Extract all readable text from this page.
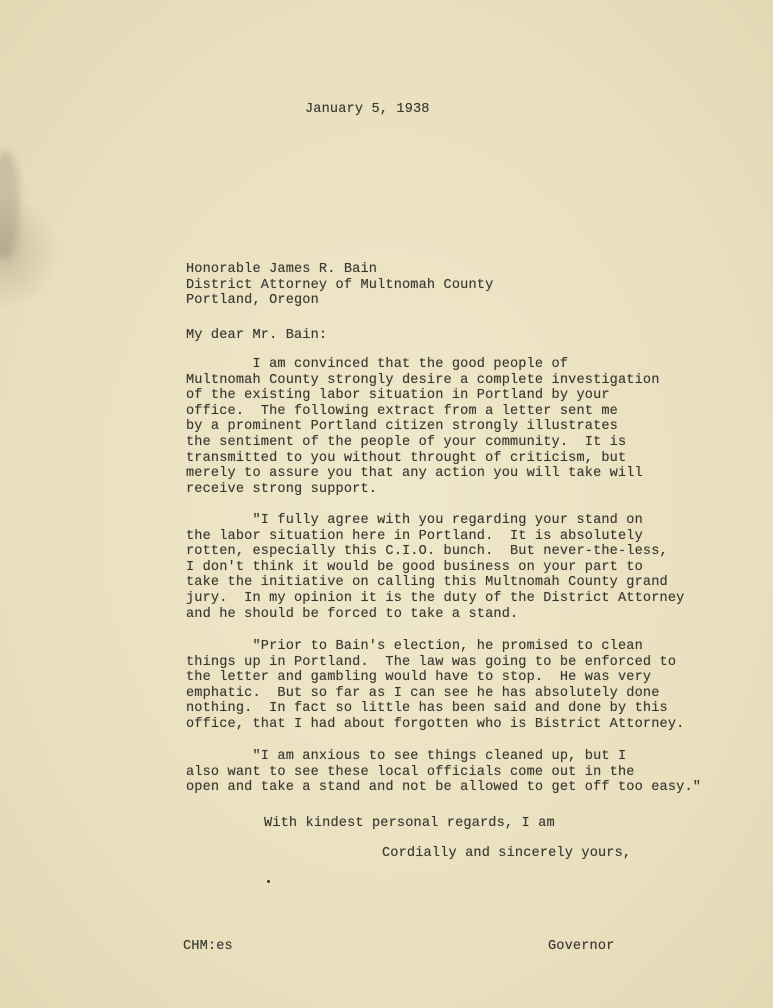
January 5, 1938
Honorable James R. Bain
District Attorney of Multnomah County
Portland, Oregon
My dear Mr. Bain:
I am convinced that the good people of
Multnomah County strongly desire a complete investigation
of the existing labor situation in Portland by your
office.  The following extract from a letter sent me
by a prominent Portland citizen strongly illustrates
the sentiment of the people of your community.  It is
transmitted to you without throught of criticism, but
merely to assure you that any action you will take will
receive strong support.
"I fully agree with you regarding your stand on
the labor situation here in Portland.  It is absolutely
rotten, especially this C.I.O. bunch.  But never-the-less,
I don't think it would be good business on your part to
take the initiative on calling this Multnomah County grand
jury.  In my opinion it is the duty of the District Attorney
and he should be forced to take a stand.
"Prior to Bain's election, he promised to clean
things up in Portland.  The law was going to be enforced to
the letter and gambling would have to stop.  He was very
emphatic.  But so far as I can see he has absolutely done
nothing.  In fact so little has been said and done by this
office, that I had about forgotten who is Bistrict Attorney.
"I am anxious to see things cleaned up, but I
also want to see these local officials come out in the
open and take a stand and not be allowed to get off too easy."
With kindest personal regards, I am
Cordially and sincerely yours,
CHM:es	Governor
